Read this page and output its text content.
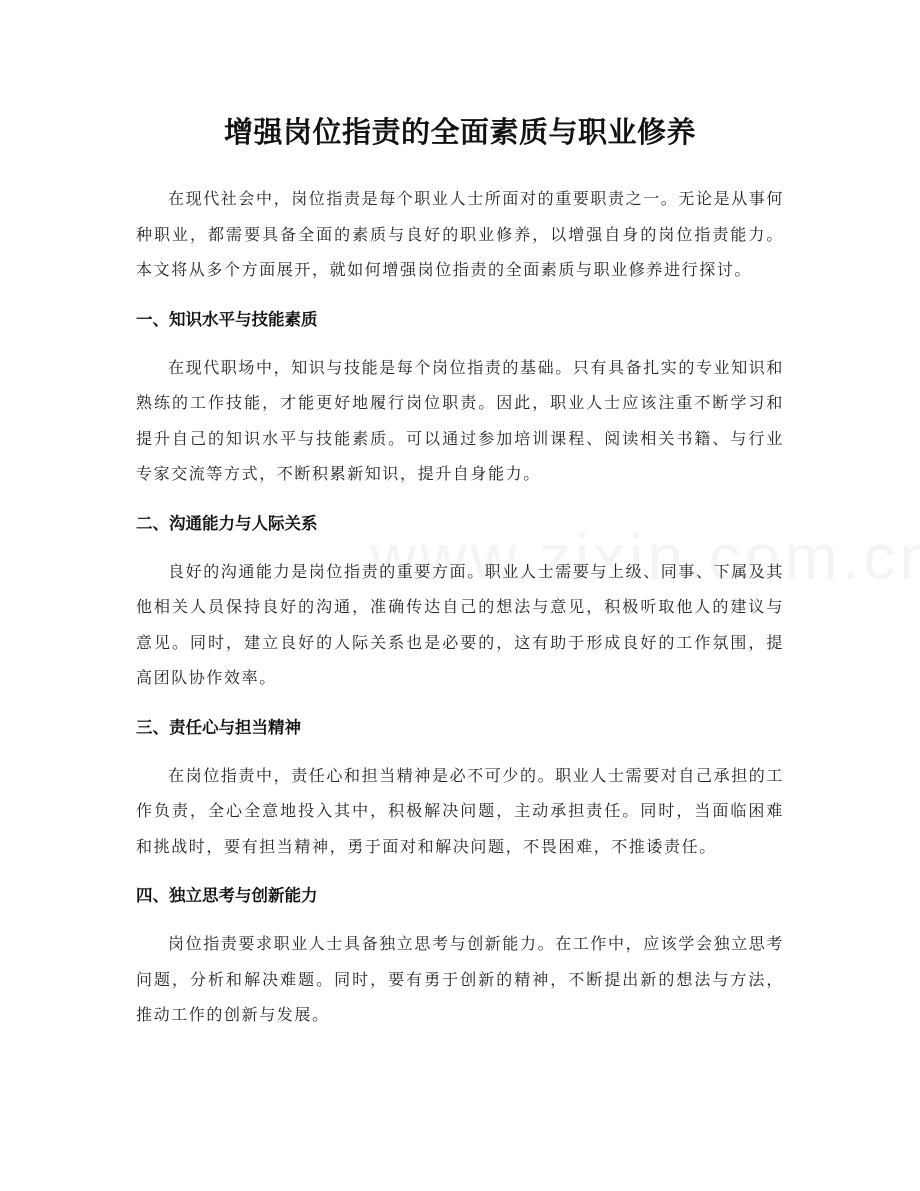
增强岗位指责的全面素质与职业修养

在现代社会中，岗位指责是每个职业人士所面对的重要职责之一。无论是从事何种职业，都需要具备全面的素质与良好的职业修养，以增强自身的岗位指责能力。本文将从多个方面展开，就如何增强岗位指责的全面素质与职业修养进行探讨。

一、知识水平与技能素质

在现代职场中，知识与技能是每个岗位指责的基础。只有具备扎实的专业知识和熟练的工作技能，才能更好地履行岗位职责。因此，职业人士应该注重不断学习和提升自己的知识水平与技能素质。可以通过参加培训课程、阅读相关书籍、与行业专家交流等方式，不断积累新知识，提升自身能力。

二、沟通能力与人际关系

良好的沟通能力是岗位指责的重要方面。职业人士需要与上级、同事、下属及其他相关人员保持良好的沟通，准确传达自己的想法与意见，积极听取他人的建议与意见。同时，建立良好的人际关系也是必要的，这有助于形成良好的工作氛围，提高团队协作效率。

三、责任心与担当精神

在岗位指责中，责任心和担当精神是必不可少的。职业人士需要对自己承担的工作负责，全心全意地投入其中，积极解决问题，主动承担责任。同时，当面临困难和挑战时，要有担当精神，勇于面对和解决问题，不畏困难，不推诿责任。

四、独立思考与创新能力

岗位指责要求职业人士具备独立思考与创新能力。在工作中，应该学会独立思考问题，分析和解决难题。同时，要有勇于创新的精神，不断提出新的想法与方法，推动工作的创新与发展。
